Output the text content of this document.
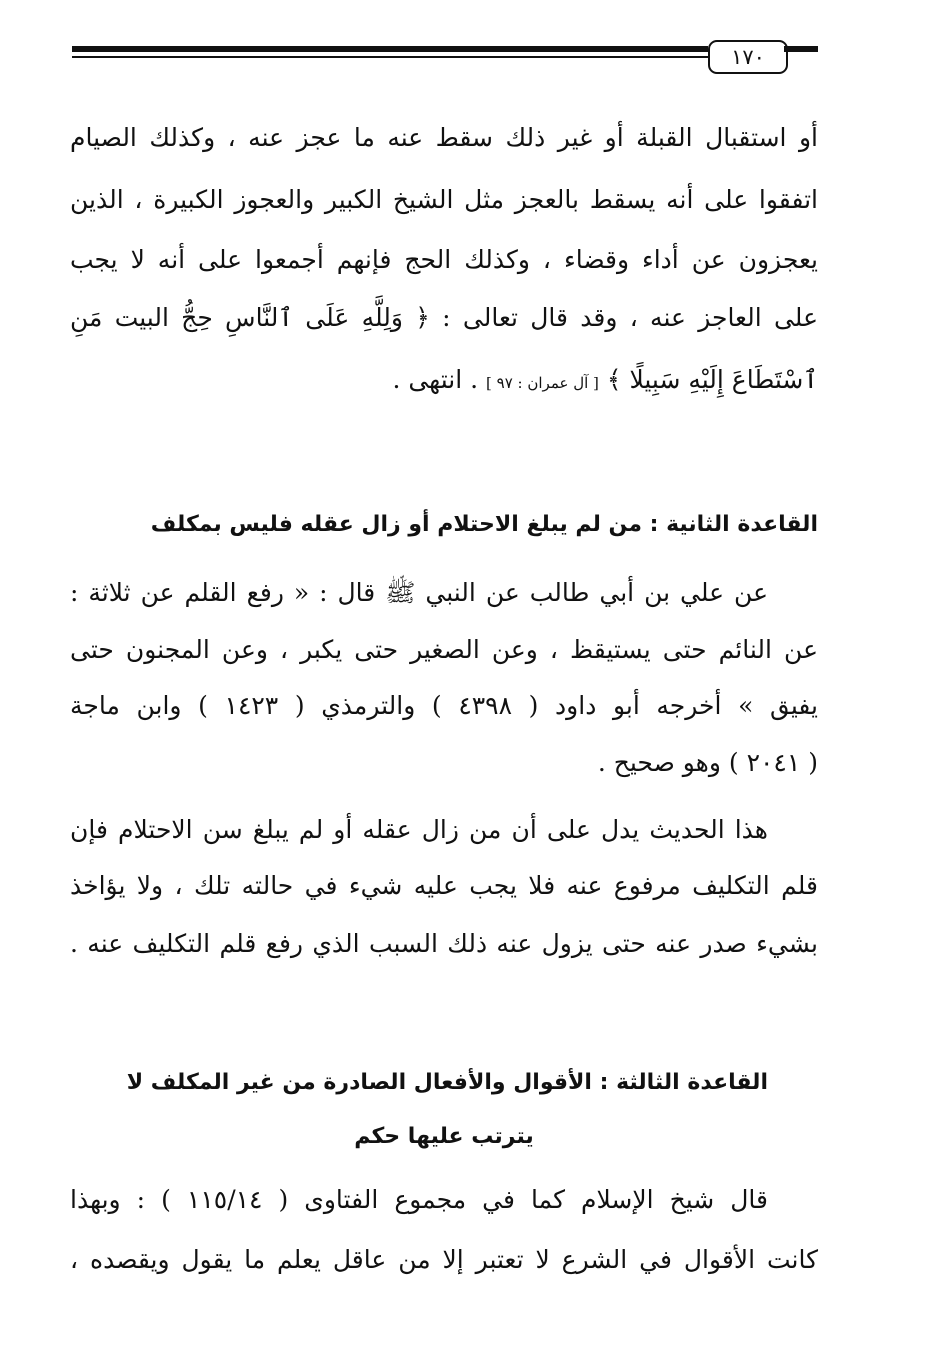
١٧٠
أو استقبال القبلة أو غير ذلك سقط عنه ما عجز عنه ، وكذلك الصيام
اتفقوا على أنه يسقط بالعجز مثل الشيخ الكبير والعجوز الكبيرة ، الذين
يعجزون عن أداء وقضاء ، وكذلك الحج فإنهم أجمعوا على أنه لا يجب
على العاجز عنه ، وقد قال تعالى : ﴿ وَلِلَّهِ عَلَى ٱلنَّاسِ حِجُّ البيت مَنِ
ٱسْتَطَاعَ إِلَيْهِ سَبِيلًا ﴾ [ آل عمران : ٩٧ ] . انتهى .
القاعدة الثانية : من لم يبلغ الاحتلام أو زال عقله فليس بمكلف
عن علي بن أبي طالب عن النبي ﷺ قال : « رفع القلم عن ثلاثة :
عن النائم حتى يستيقظ ، وعن الصغير حتى يكبر ، وعن المجنون حتى
يفيق » أخرجه أبو داود ( ٤٣٩٨ ) والترمذي ( ١٤٢٣ ) وابن ماجة
( ٢٠٤١ ) وهو صحيح .
هذا الحديث يدل على أن من زال عقله أو لم يبلغ سن الاحتلام فإن
قلم التكليف مرفوع عنه فلا يجب عليه شيء في حالته تلك ، ولا يؤاخذ
بشيء صدر عنه حتى يزول عنه ذلك السبب الذي رفع قلم التكليف عنه .
القاعدة الثالثة : الأقوال والأفعال الصادرة من غير المكلف لا
يترتب عليها حكم
قال شيخ الإسلام كما في مجموع الفتاوى ( ١١٥/١٤ ) : وبهذا
كانت الأقوال في الشرع لا تعتبر إلا من عاقل يعلم ما يقول ويقصده ،
